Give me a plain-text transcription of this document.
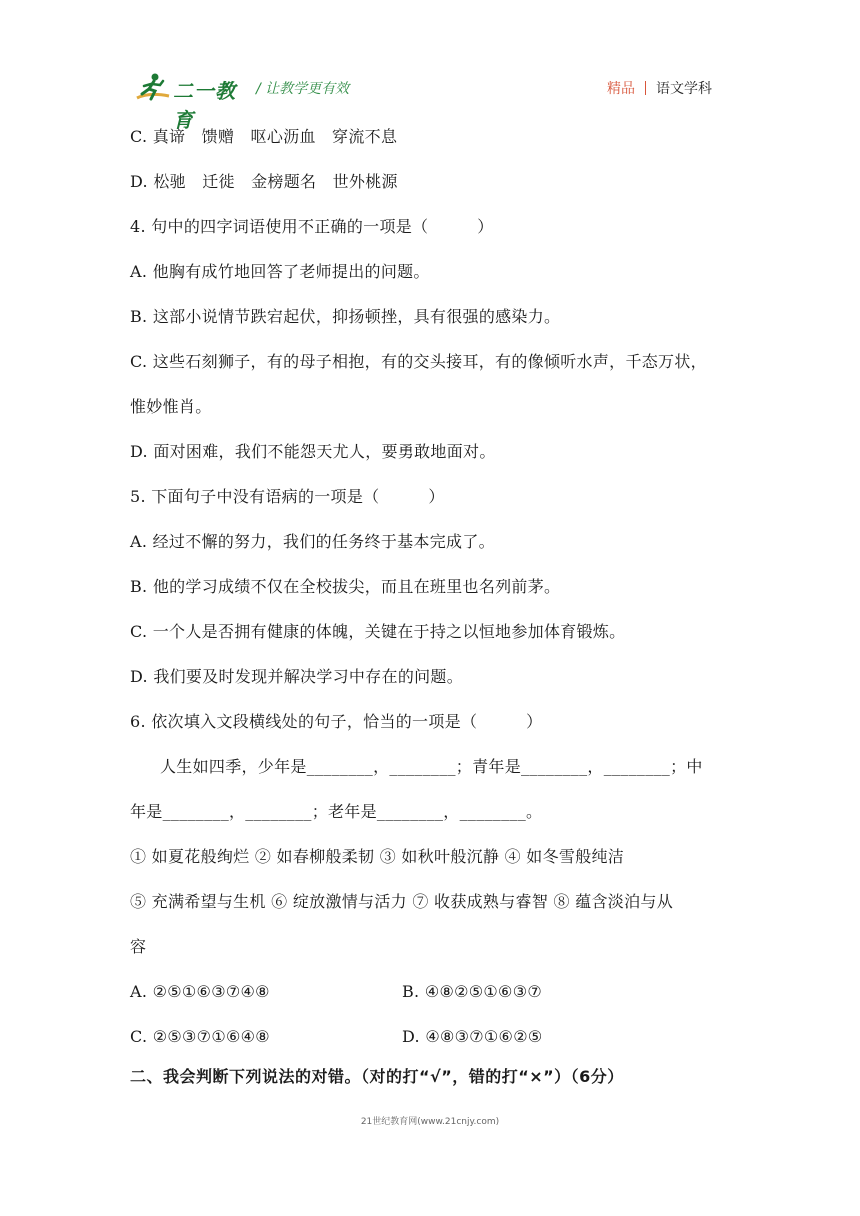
二一教育
/ 让教学更有效	精品 语文学科
C. 真谛　馈赠　呕心沥血　穿流不息
D. 松驰　迁徙　金榜题名　世外桃源
4. 句中的四字词语使用不正确的一项是（　　　）
A. 他胸有成竹地回答了老师提出的问题。
B. 这部小说情节跌宕起伏，抑扬顿挫，具有很强的感染力。
C. 这些石刻狮子，有的母子相抱，有的交头接耳，有的像倾听水声，千态万状，
惟妙惟肖。
D. 面对困难，我们不能怨天尤人，要勇敢地面对。
5. 下面句子中没有语病的一项是（　　　）
A. 经过不懈的努力，我们的任务终于基本完成了。
B. 他的学习成绩不仅在全校拔尖，而且在班里也名列前茅。
C. 一个人是否拥有健康的体魄，关键在于持之以恒地参加体育锻炼。
D. 我们要及时发现并解决学习中存在的问题。
6. 依次填入文段横线处的句子，恰当的一项是（　　　）
人生如四季，少年是________，________；青年是________，________；中
年是________，________；老年是________，________。
① 如夏花般绚烂 ② 如春柳般柔韧 ③ 如秋叶般沉静 ④ 如冬雪般纯洁
⑤ 充满希望与生机 ⑥ 绽放激情与活力 ⑦ 收获成熟与睿智 ⑧ 蕴含淡泊与从
容
A. ②⑤①⑥③⑦④⑧	B. ④⑧②⑤①⑥③⑦
C. ②⑤③⑦①⑥④⑧	D. ④⑧③⑦①⑥②⑤
二、我会判断下列说法的对错。（对的打“√”，错的打“×”）（6分）
21世纪教育网(www.21cnjy.com)
